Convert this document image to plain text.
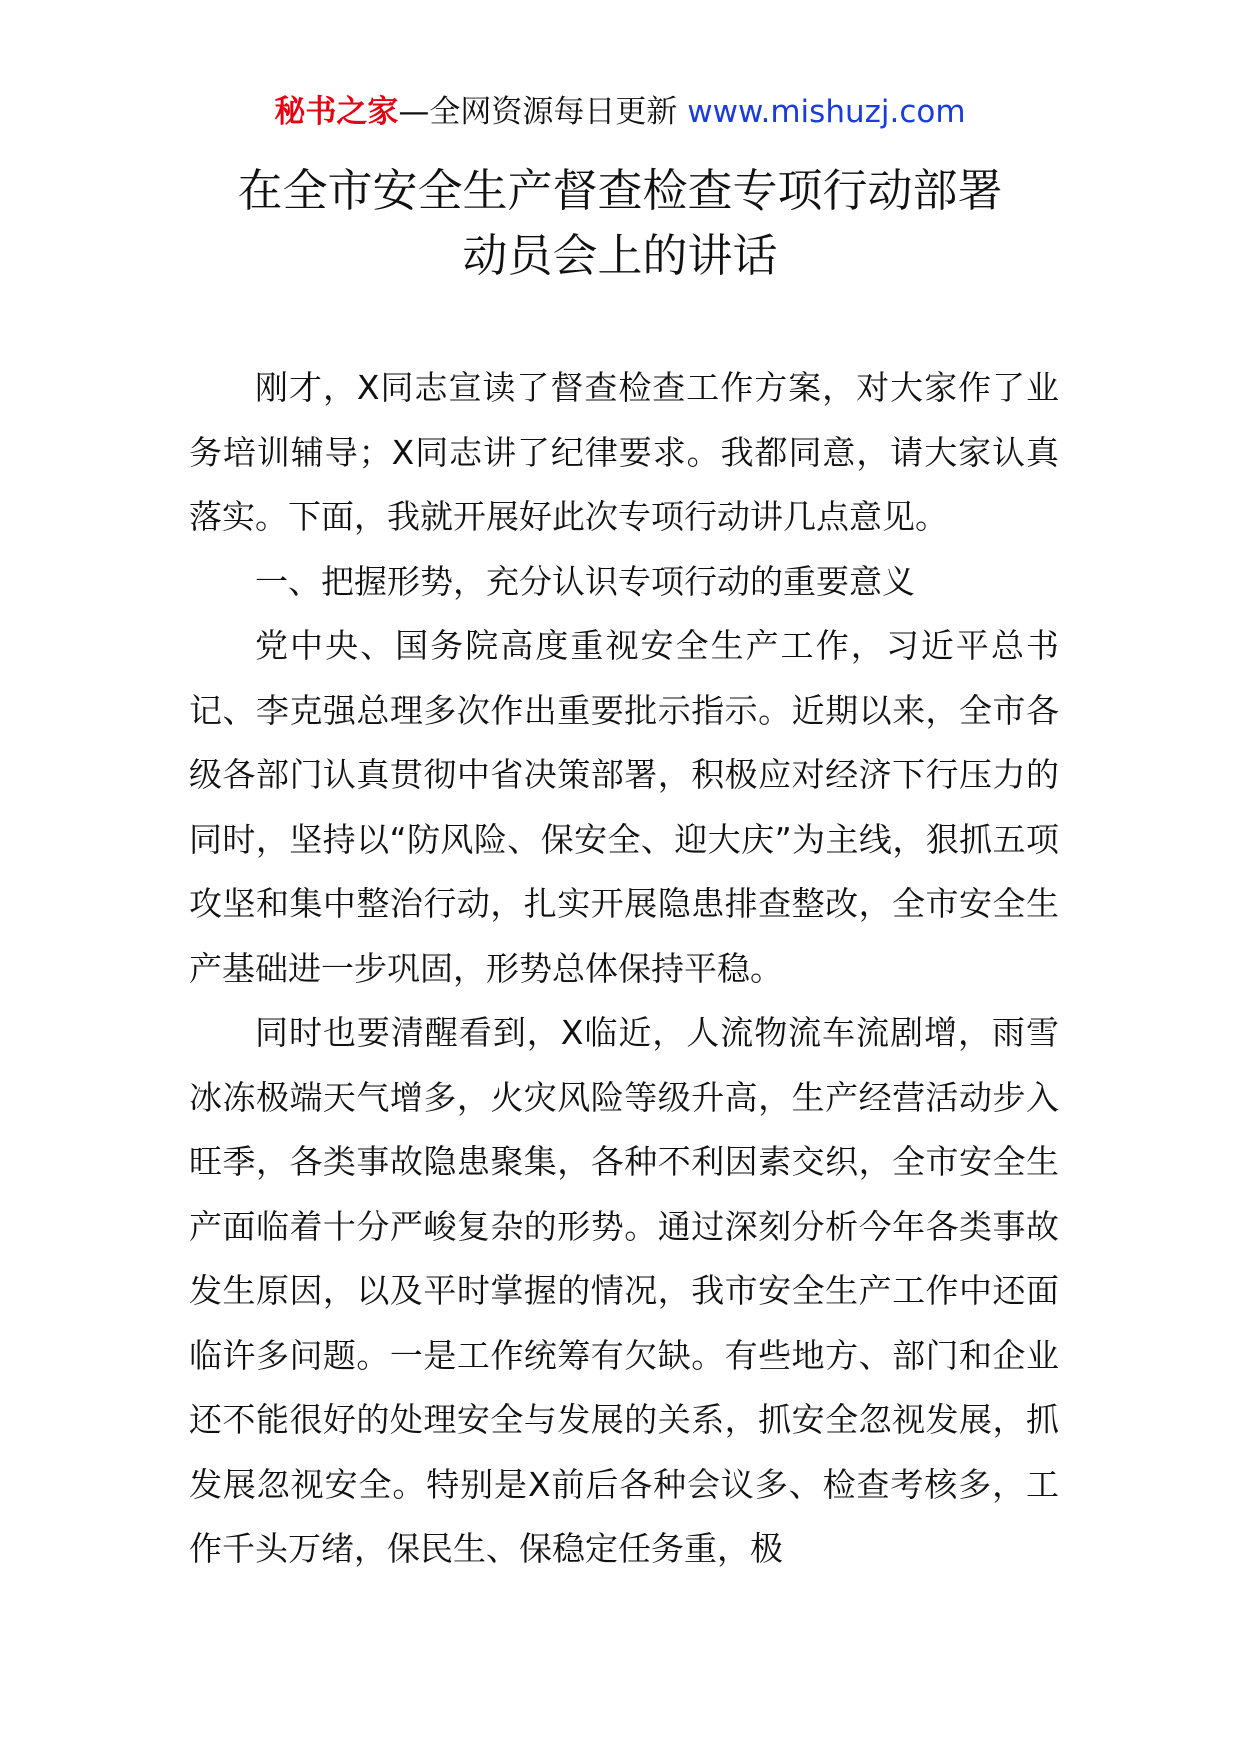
秘书之家—全网资源每日更新 www.mishuzj.com
在全市安全生产督查检查专项行动部署
动员会上的讲话

刚才，X同志宣读了督查检查工作方案，对大家作了业务培训辅导；X同志讲了纪律要求。我都同意，请大家认真落实。下面，我就开展好此次专项行动讲几点意见。

一、把握形势，充分认识专项行动的重要意义

党中央、国务院高度重视安全生产工作，习近平总书记、李克强总理多次作出重要批示指示。近期以来，全市各级各部门认真贯彻中省决策部署，积极应对经济下行压力的同时，坚持以“防风险、保安全、迎大庆”为主线，狠抓五项攻坚和集中整治行动，扎实开展隐患排查整改，全市安全生产基础进一步巩固，形势总体保持平稳。

同时也要清醒看到，X临近，人流物流车流剧增，雨雪冰冻极端天气增多，火灾风险等级升高，生产经营活动步入旺季，各类事故隐患聚集，各种不利因素交织，全市安全生产面临着十分严峻复杂的形势。通过深刻分析今年各类事故发生原因，以及平时掌握的情况，我市安全生产工作中还面临许多问题。一是工作统筹有欠缺。有些地方、部门和企业还不能很好的处理安全与发展的关系，抓安全忽视发展，抓发展忽视安全。特别是X前后各种会议多、检查考核多，工作千头万绪，保民生、保稳定任务重，极
